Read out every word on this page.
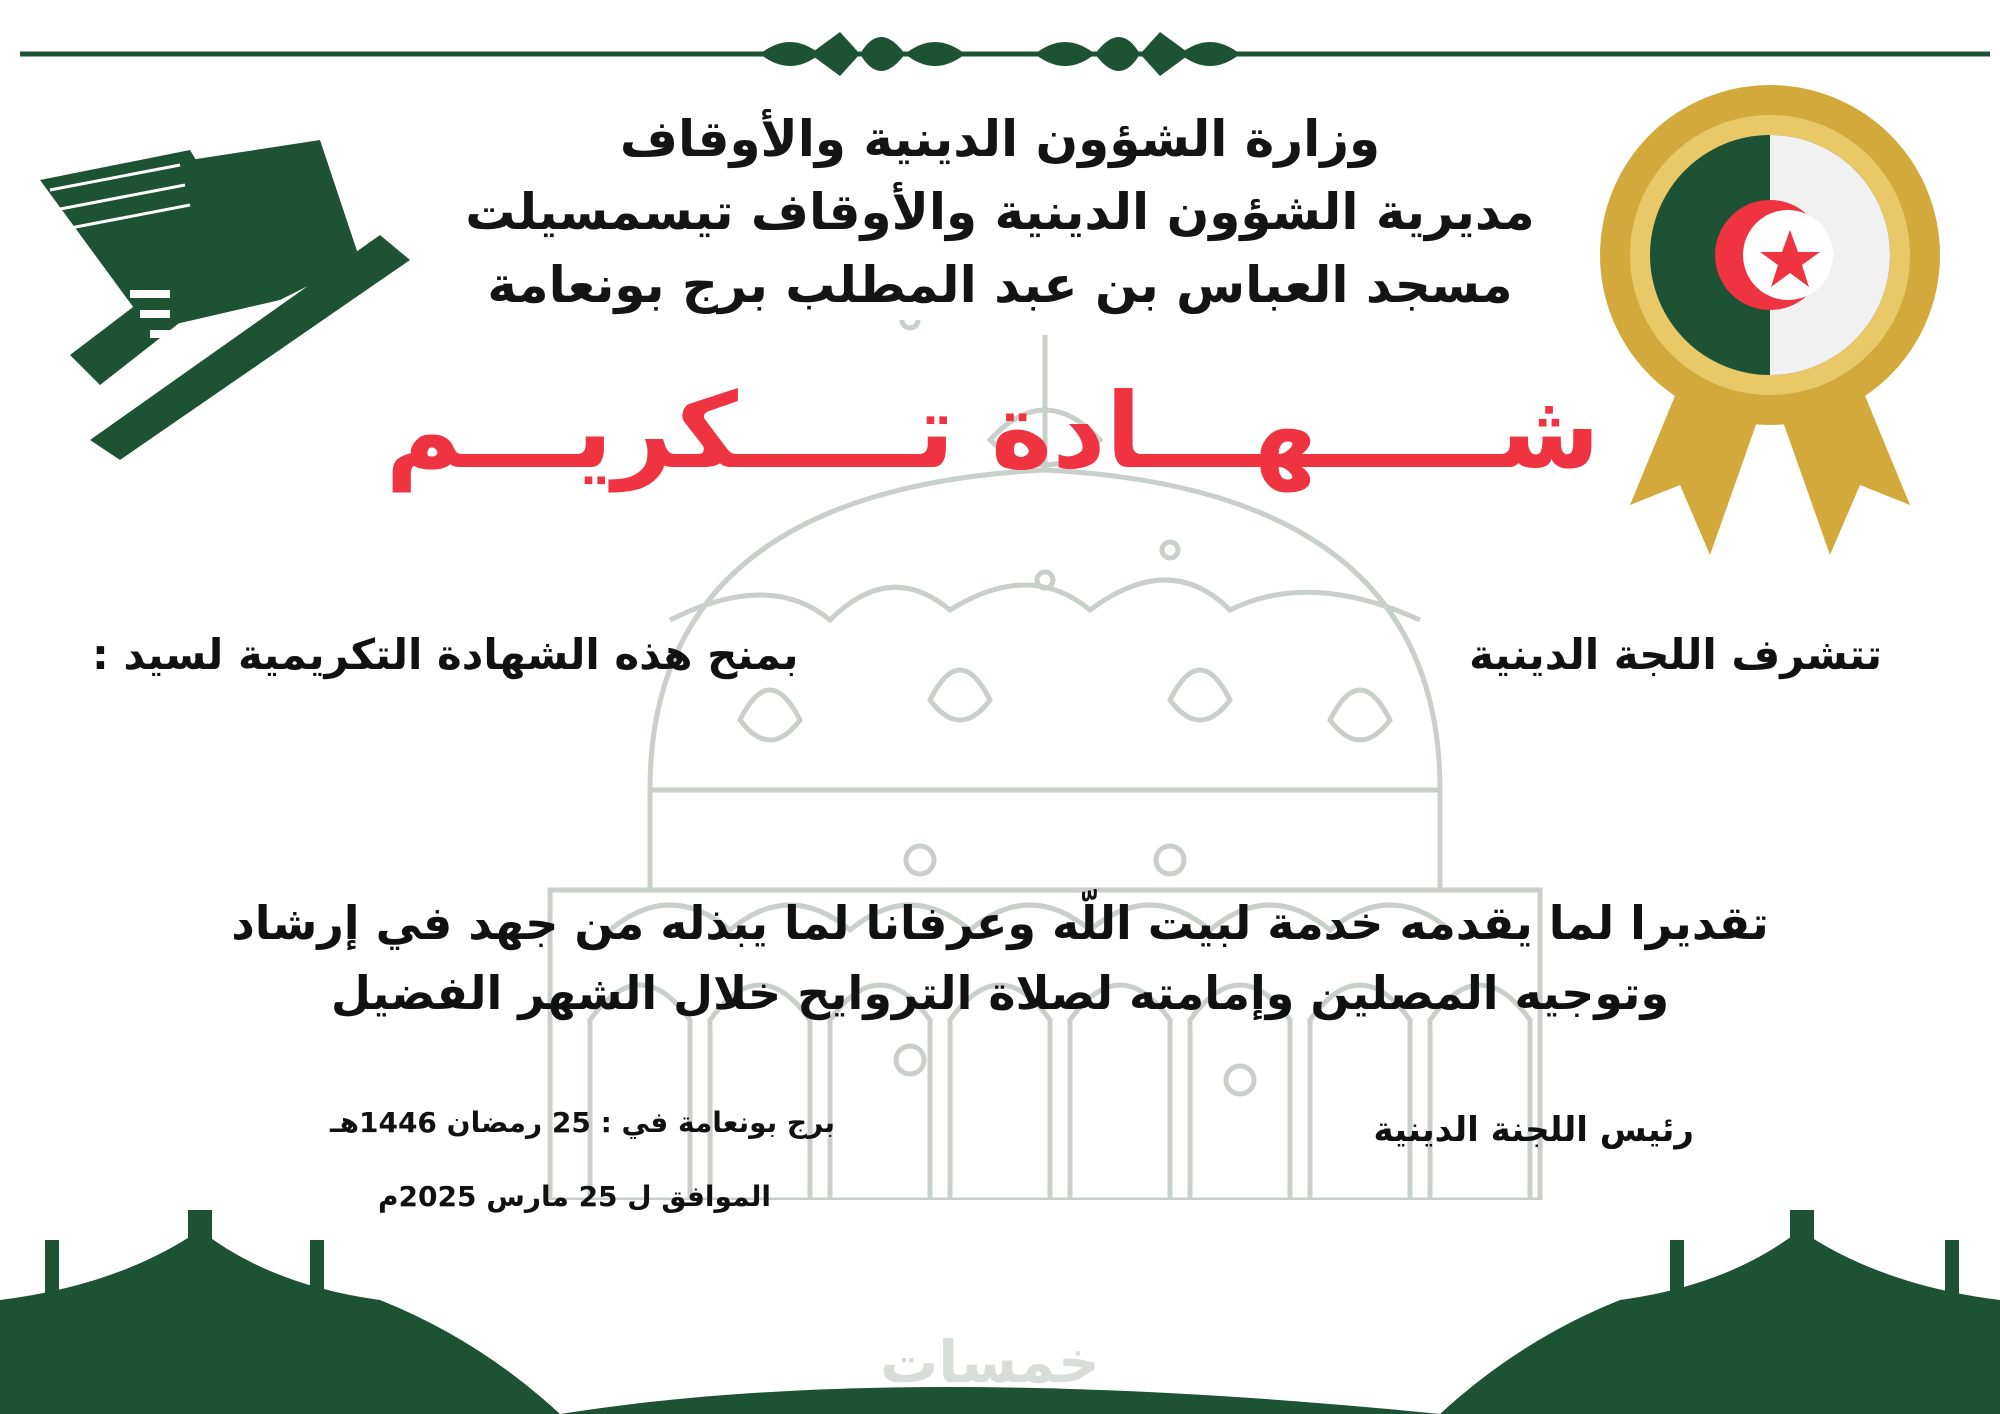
وزارة الشؤون الدينية والأوقاف
مديرية الشؤون الدينية والأوقاف تيسمسيلت
مسجد العباس بن عبد المطلب برج بونعامة
شـــــهـــادة تـــــكريـــم
تتشرف اللجة الدينية
بمنح هذه الشهادة التكريمية لسيد :
تقديرا لما يقدمه خدمة لبيت اللّه وعرفانا لما يبذله من جهد في إرشاد
وتوجيه المصلين وإمامته لصلاة التروايح خلال الشهر الفضيل
رئيس اللجنة الدينية
برج بونعامة في : 25 رمضان 1446هـ
الموافق ل 25 مارس 2025م
خمسات
